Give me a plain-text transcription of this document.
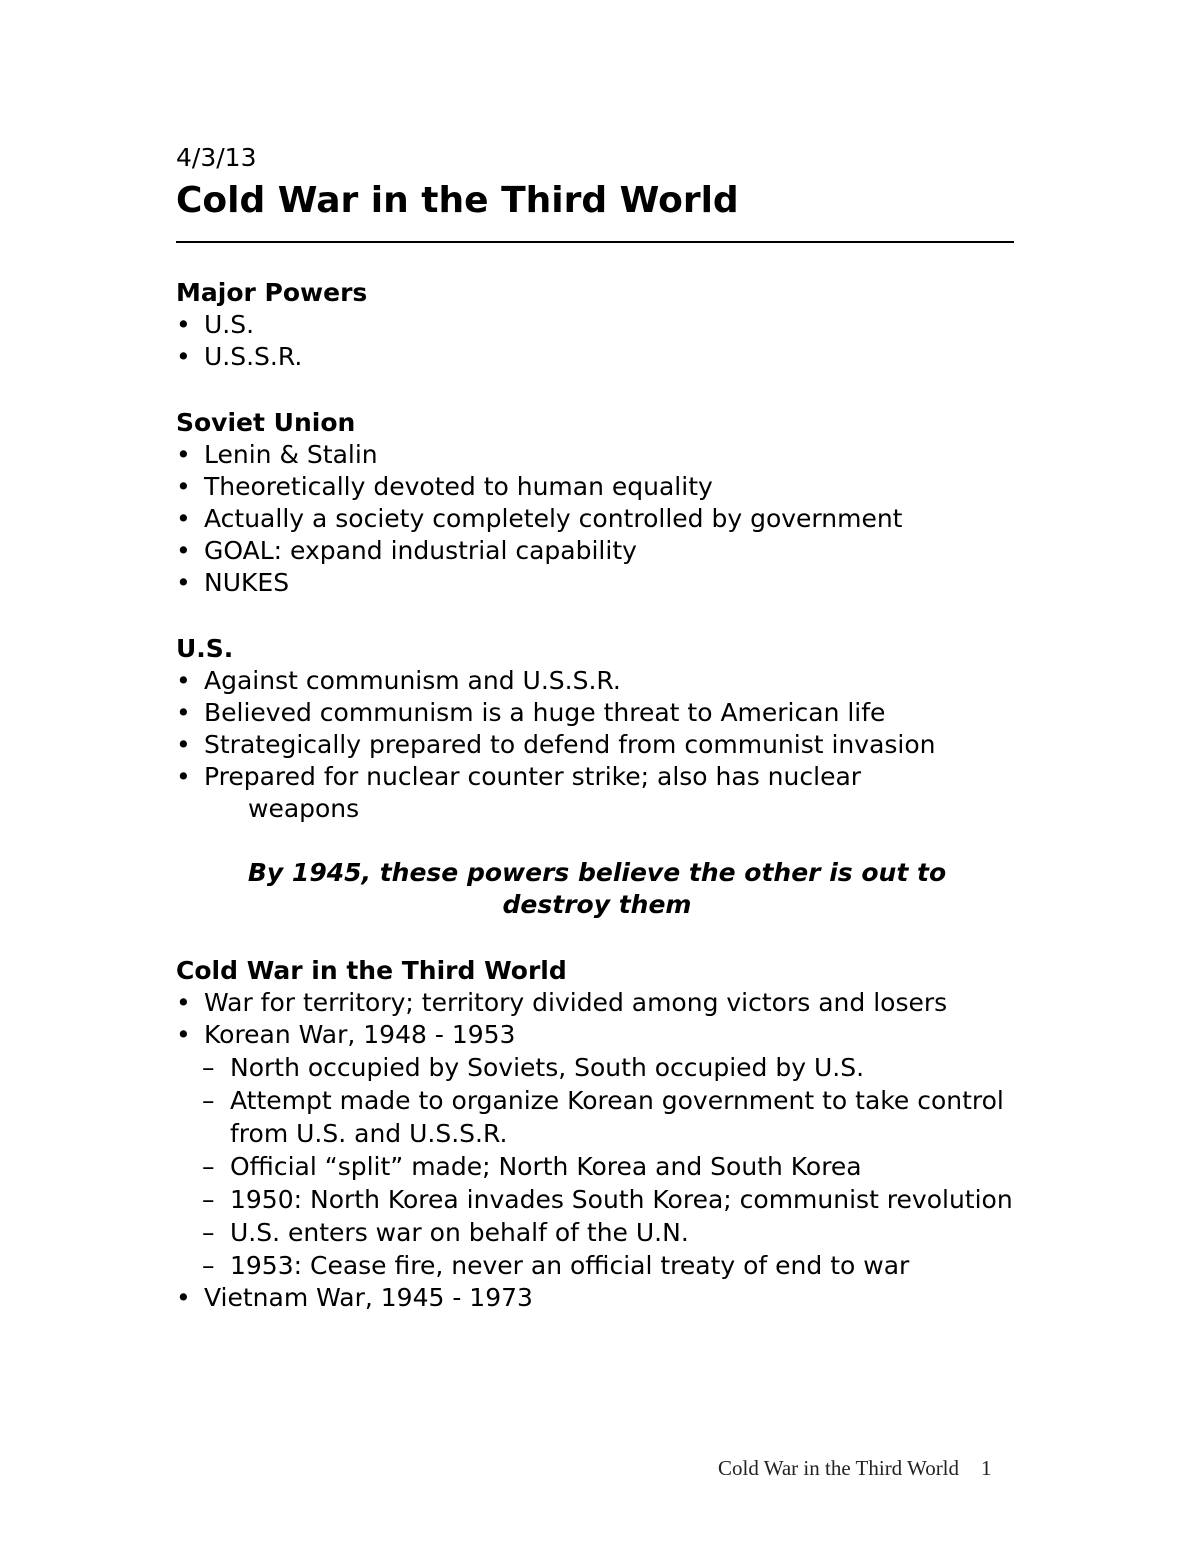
4/3/13

Cold War in the Third World
Major Powers
• U.S.
• U.S.S.R.
Soviet Union
• Lenin & Stalin
• Theoretically devoted to human equality
• Actually a society completely controlled by government
• GOAL: expand industrial capability
• NUKES
U.S.
• Against communism and U.S.S.R.
• Believed communism is a huge threat to American life
• Strategically prepared to defend from communist invasion
• Prepared for nuclear counter strike; also has nuclear
weapons
By 1945, these powers believe the other is out to
destroy them
Cold War in the Third World
• War for territory; territory divided among victors and losers
• Korean War, 1948 - 1953
– North occupied by Soviets, South occupied by U.S.
– Attempt made to organize Korean government to take control from U.S. and U.S.S.R.
– Official “split” made; North Korea and South Korea
– 1950: North Korea invades South Korea; communist revolution
– U.S. enters war on behalf of the U.N.
– 1953: Cease fire, never an official treaty of end to war
• Vietnam War, 1945 - 1973
Cold War in the Third World 1
